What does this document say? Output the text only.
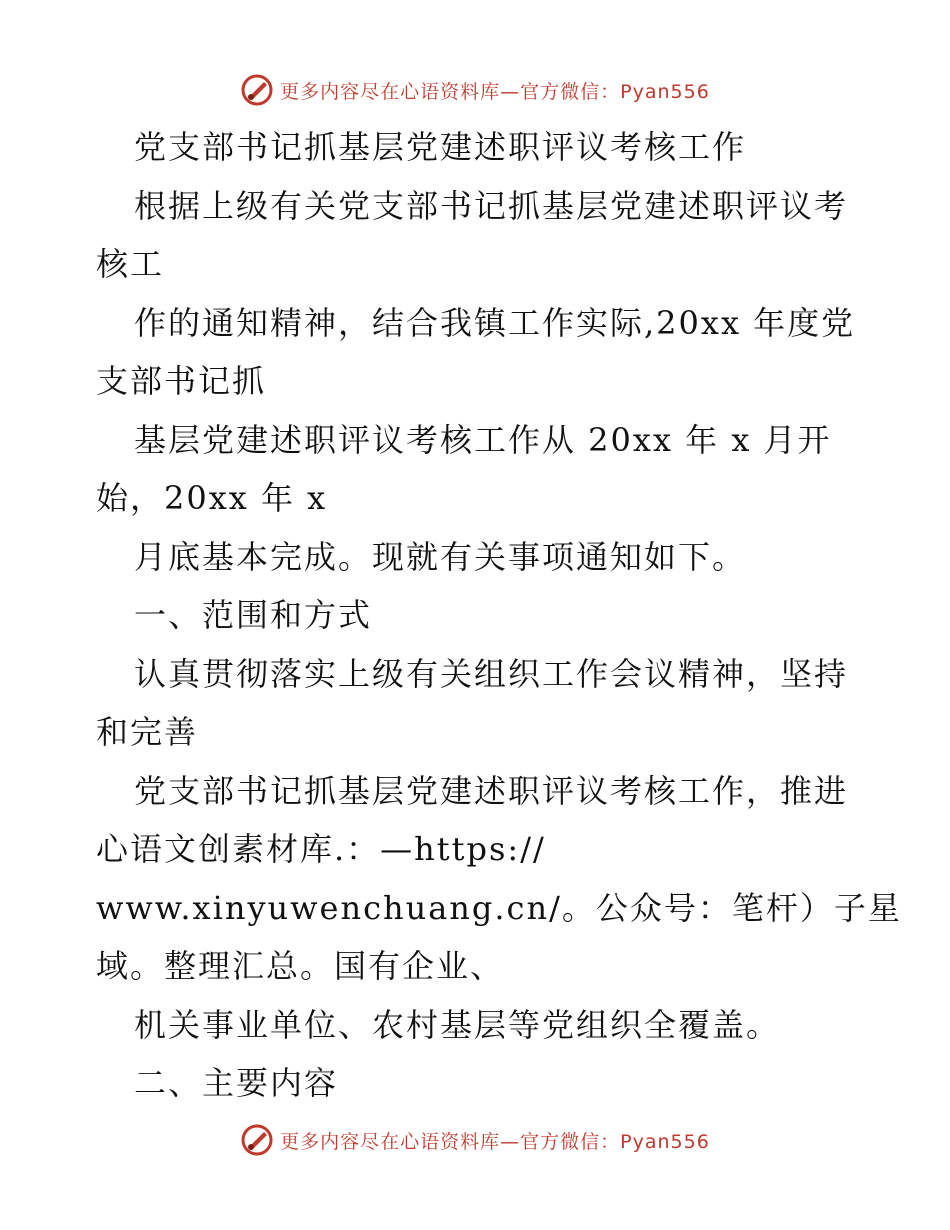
更多内容尽在心语资料库—官方微信：Pyan556
党支部书记抓基层党建述职评议考核工作
根据上级有关党支部书记抓基层党建述职评议考
核工
作的通知精神，结合我镇工作实际,20xx 年度党
支部书记抓
基层党建述职评议考核工作从 20xx 年 x 月开
始，20xx 年 x
月底基本完成。现就有关事项通知如下。
一、范围和方式
认真贯彻落实上级有关组织工作会议精神，坚持
和完善
党支部书记抓基层党建述职评议考核工作，推进
心语文创素材库.：—https://
www.xinyuwenchuang.cn/。公众号：笔杆）子星
域。整理汇总。国有企业、
机关事业单位、农村基层等党组织全覆盖。
二、主要内容
更多内容尽在心语资料库—官方微信：Pyan556
